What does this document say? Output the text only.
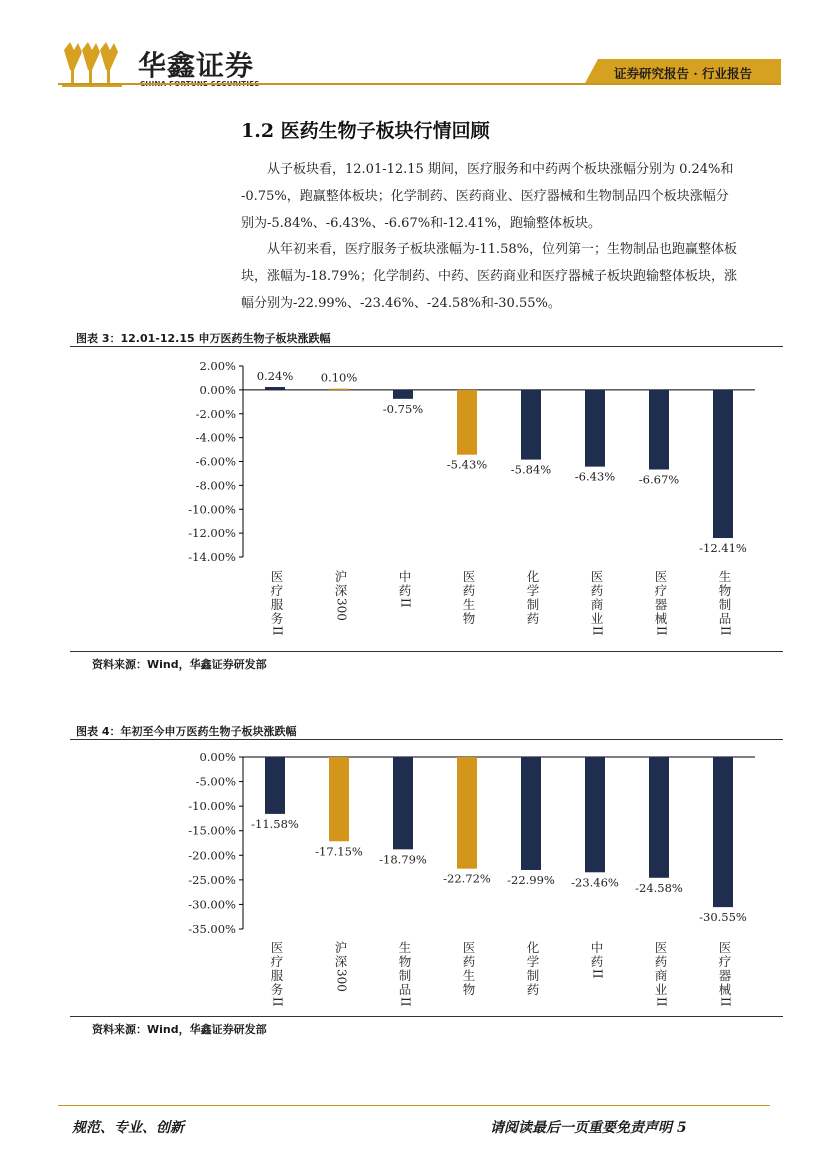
华鑫证券	证券研究报告 · 行业报告
1.2 医药生物子板块行情回顾
从子板块看，12.01-12.15 期间，医疗服务和中药两个板块涨幅分别为 0.24%和
-0.75%，跑赢整体板块；化学制药、医药商业、医疗器械和生物制品四个板块涨幅分
别为-5.84%、-6.43%、-6.67%和-12.41%，跑输整体板块。
从年初来看，医疗服务子板块涨幅为-11.58%，位列第一；生物制品也跑赢整体板
块，涨幅为-18.79%；化学制药、中药、医药商业和医疗器械子板块跑输整体板块，涨
幅分别为-22.99%、-23.46%、-24.58%和-30.55%。
图表 3：12.01-12.15 申万医药生物子板块涨跌幅
2.00%
0.00%
-2.00%
-4.00%
-6.00%
-8.00%
-10.00%
-12.00%
-14.00%
0.24%
医
疗
服
务
II
0.10%
沪
深
300
-0.75%
中
药
II
-5.43%
医
药
生
物
-5.84%
化
学
制
药
-6.43%
医
药
商
业
II
-6.67%
医
疗
器
械
II
-12.41%
生
物
制
品
II
资料来源：Wind，华鑫证券研发部
图表 4：年初至今申万医药生物子板块涨跌幅
0.00%
-5.00%
-10.00%
-15.00%
-20.00%
-25.00%
-30.00%
-35.00%
-11.58%
医
疗
服
务
II
-17.15%
沪
深
300
-18.79%
生
物
制
品
II
-22.72%
医
药
生
物
-22.99%
化
学
制
药
-23.46%
中
药
II
-24.58%
医
药
商
业
II
-30.55%
医
疗
器
械
II
资料来源：Wind，华鑫证券研发部
规范、专业、创新	请阅读最后一页重要免责声明 5
